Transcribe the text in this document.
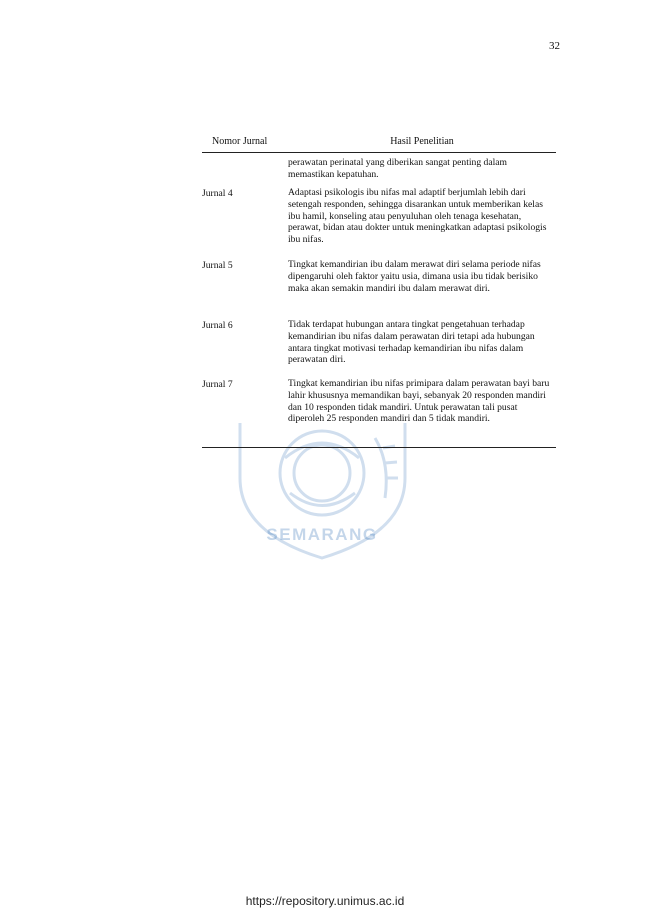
32
SEMARANG
Nomor Jurnal	Hasil Penelitian
perawatan perinatal yang diberikan sangat penting dalam memastikan kepatuhan.
Jurnal 4	Adaptasi psikologis ibu nifas mal adaptif berjumlah lebih dari setengah responden, sehingga disarankan untuk memberikan kelas ibu hamil, konseling atau penyuluhan oleh tenaga kesehatan, perawat, bidan atau dokter untuk meningkatkan adaptasi psikologis ibu nifas.
Jurnal 5	Tingkat kemandirian ibu dalam merawat diri selama periode nifas dipengaruhi oleh faktor yaitu usia, dimana usia ibu tidak berisiko maka akan semakin mandiri ibu dalam merawat diri.
Jurnal 6	Tidak terdapat hubungan antara tingkat pengetahuan terhadap kemandirian ibu nifas dalam perawatan diri tetapi ada hubungan antara tingkat motivasi terhadap kemandirian ibu nifas dalam perawatan diri.
Jurnal 7	Tingkat kemandirian ibu nifas primipara dalam perawatan bayi baru lahir khususnya memandikan bayi, sebanyak 20 responden mandiri dan 10 responden tidak mandiri. Untuk perawatan tali pusat diperoleh 25 responden mandiri dan 5 tidak mandiri.
https://repository.unimus.ac.id
